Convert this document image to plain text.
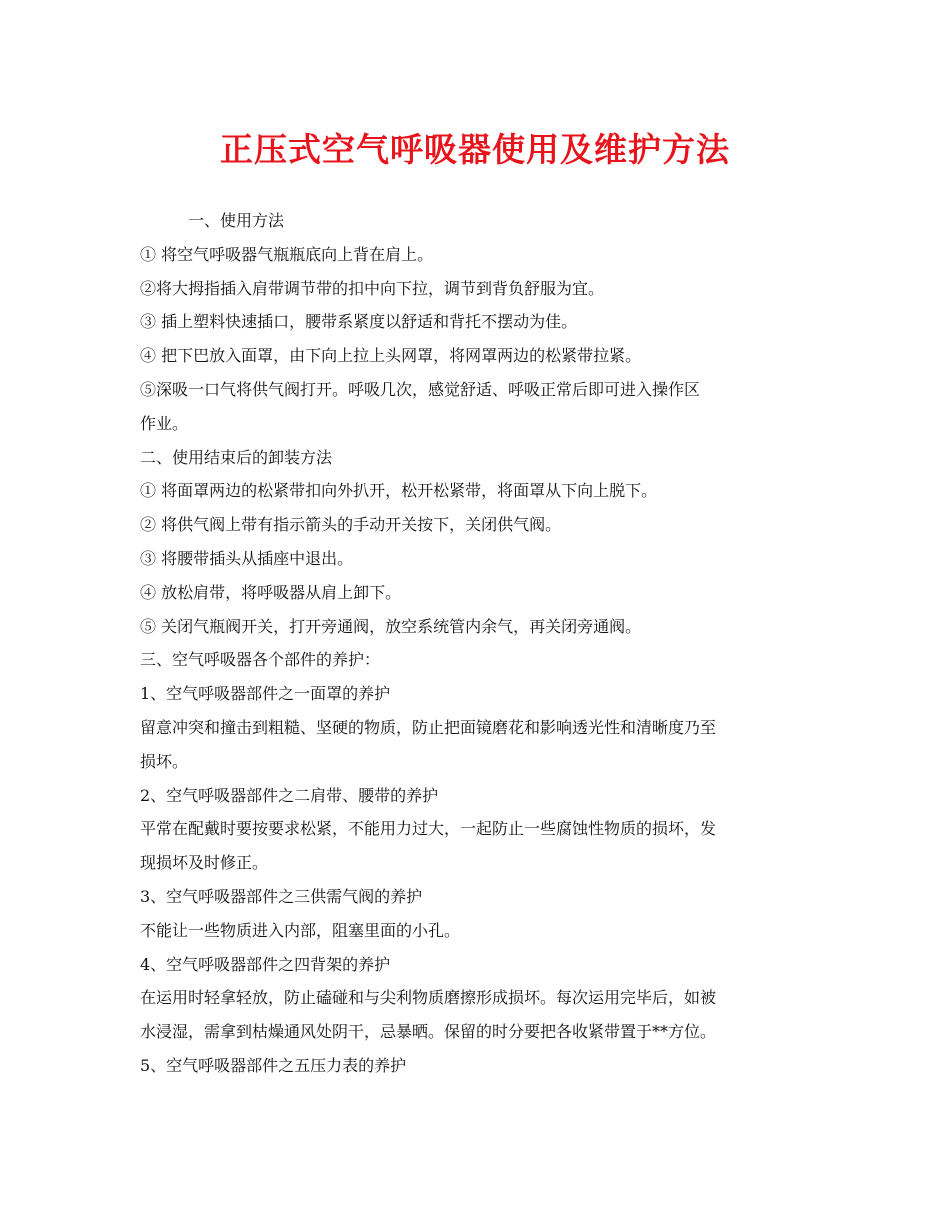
正压式空气呼吸器使用及维护方法

一、使用方法

① 将空气呼吸器气瓶瓶底向上背在肩上。

②将大拇指插入肩带调节带的扣中向下拉，调节到背负舒服为宜。

③ 插上塑料快速插口，腰带系紧度以舒适和背托不摆动为佳。

④ 把下巴放入面罩，由下向上拉上头网罩，将网罩两边的松紧带拉紧。

⑤深吸一口气将供气阀打开。呼吸几次，感觉舒适、呼吸正常后即可进入操作区

作业。

二、使用结束后的卸装方法

① 将面罩两边的松紧带扣向外扒开，松开松紧带，将面罩从下向上脱下。

② 将供气阀上带有指示箭头的手动开关按下，关闭供气阀。

③ 将腰带插头从插座中退出。

④ 放松肩带，将呼吸器从肩上卸下。

⑤ 关闭气瓶阀开关，打开旁通阀，放空系统管内余气，再关闭旁通阀。

三、空气呼吸器各个部件的养护：

1、空气呼吸器部件之一面罩的养护

留意冲突和撞击到粗糙、坚硬的物质，防止把面镜磨花和影响透光性和清晰度乃至

损坏。

2、空气呼吸器部件之二肩带、腰带的养护

平常在配戴时要按要求松紧，不能用力过大，一起防止一些腐蚀性物质的损坏，发

现损坏及时修正。

3、空气呼吸器部件之三供需气阀的养护

不能让一些物质进入内部，阻塞里面的小孔。

4、空气呼吸器部件之四背架的养护

在运用时轻拿轻放，防止磕碰和与尖利物质磨擦形成损坏。每次运用完毕后，如被

水浸湿，需拿到枯燥通风处阴干，忌暴晒。保留的时分要把各收紧带置于**方位。

5、空气呼吸器部件之五压力表的养护
